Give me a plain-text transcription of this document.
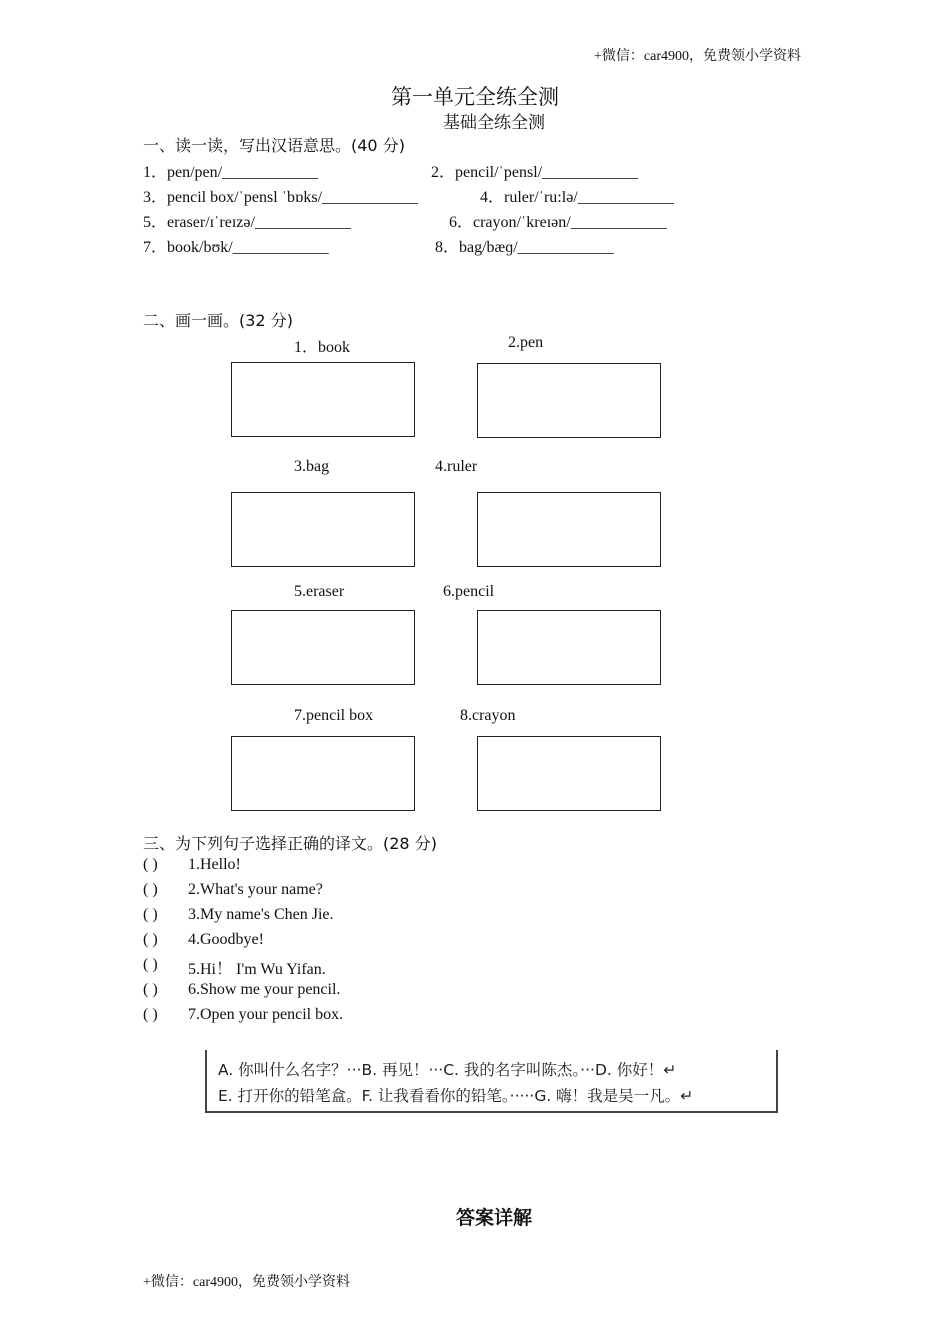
+微信：car4900，免费领小学资料
+微信：car4900，免费领小学资料
第一单元全练全测
基础全练全测
一、读一读，写出汉语意思。(40 分)
1．pen/pen/____________	2．pencil/ˈpensl/____________
3．pencil box/ˈpensl ˈbɒks/____________	4．ruler/ˈru:lə/____________
5．eraser/ɪˈreɪzə/____________	6．crayon/ˈkreɪən/____________
7．book/bʊk/____________	8．bag/bæɡ/____________
二、画一画。(32 分)
1．book	2.pen
3.bag	4.ruler
5.eraser	6.pencil
7.pencil box	8.crayon
三、为下列句子选择正确的译文。(28 分)
( ) 1.Hello!
( ) 2.What's your name?
( ) 3.My name's Chen Jie.
( ) 4.Goodbye!
( ) 5.Hi！ I'm Wu Yifan.
( ) 6.Show me your pencil.
( ) 7.Open your pencil box.
A. 你叫什么名字？···B. 再见！···C. 我的名字叫陈杰。···D. 你好！↵
E. 打开你的铅笔盒。F. 让我看看你的铅笔。·····G. 嗨！我是吴一凡。↵
答案详解
